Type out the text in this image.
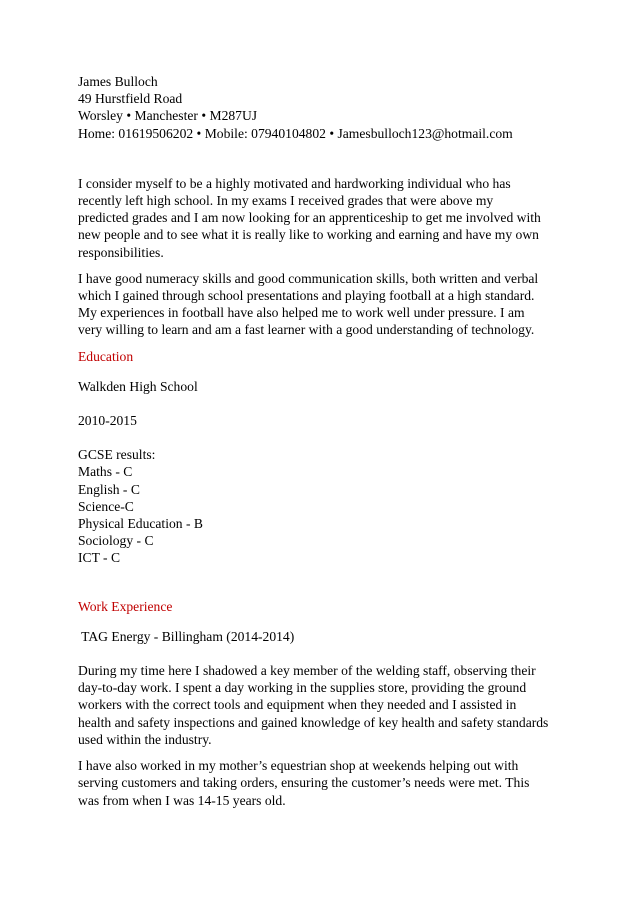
James Bulloch
49 Hurstfield Road
Worsley • Manchester • M287UJ
Home: 01619506202 • Mobile: 07940104802 • Jamesbulloch123@hotmail.com
I consider myself to be a highly motivated and hardworking individual who has
recently left high school. In my exams I received grades that were above my
predicted grades and I am now looking for an apprenticeship to get me involved with
new people and to see what it is really like to working and earning and have my own
responsibilities.
I have good numeracy skills and good communication skills, both written and verbal
which I gained through school presentations and playing football at a high standard.
My experiences in football have also helped me to work well under pressure. I am
very willing to learn and am a fast learner with a good understanding of technology.
Education
Walkden High School
2010-2015
GCSE results:
Maths - C
English - C
Science-C
Physical Education - B
Sociology - C
ICT - C
Work Experience
TAG Energy - Billingham (2014-2014)
During my time here I shadowed a key member of the welding staff, observing their
day-to-day work. I spent a day working in the supplies store, providing the ground
workers with the correct tools and equipment when they needed and I assisted in
health and safety inspections and gained knowledge of key health and safety standards
used within the industry.
I have also worked in my mother’s equestrian shop at weekends helping out with
serving customers and taking orders, ensuring the customer’s needs were met. This
was from when I was 14-15 years old.
